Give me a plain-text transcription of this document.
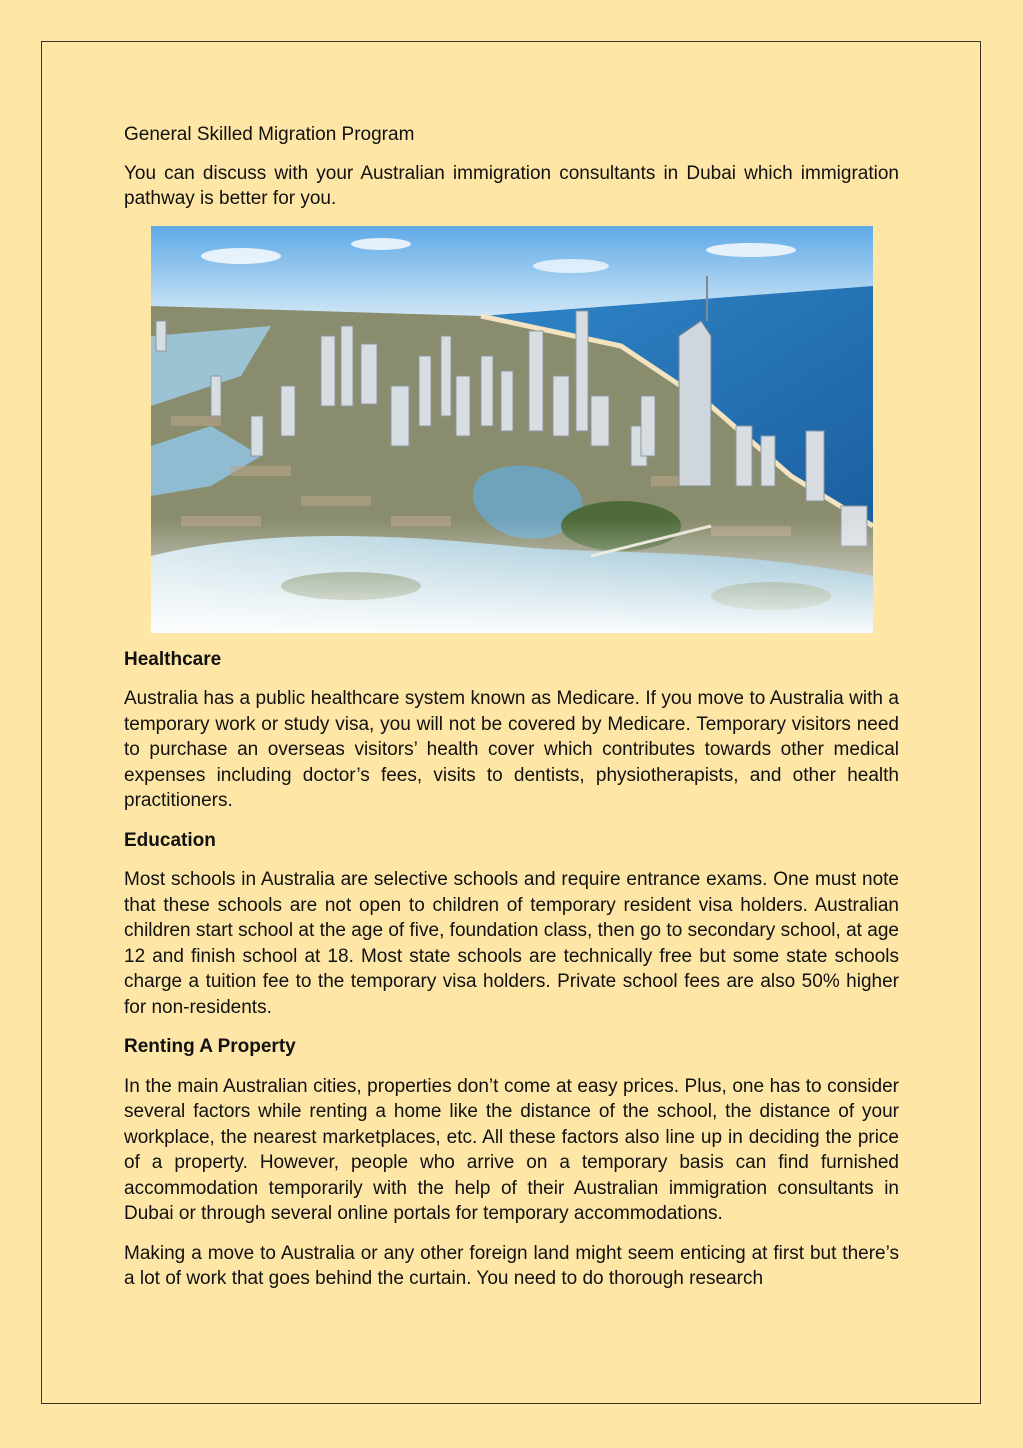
General Skilled Migration Program

You can discuss with your Australian immigration consultants in Dubai which immigration pathway is better for you.

Healthcare

Australia has a public healthcare system known as Medicare. If you move to Australia with a temporary work or study visa, you will not be covered by Medicare. Temporary visitors need to purchase an overseas visitors’ health cover which contributes towards other medical expenses including doctor’s fees, visits to dentists, physiotherapists, and other health practitioners.

Education

Most schools in Australia are selective schools and require entrance exams. One must note that these schools are not open to children of temporary resident visa holders. Australian children start school at the age of five, foundation class, then go to secondary school, at age 12 and finish school at 18. Most state schools are technically free but some state schools charge a tuition fee to the temporary visa holders. Private school fees are also 50% higher for non-residents.

Renting A Property

In the main Australian cities, properties don’t come at easy prices. Plus, one has to consider several factors while renting a home like the distance of the school, the distance of your workplace, the nearest marketplaces, etc. All these factors also line up in deciding the price of a property. However, people who arrive on a temporary basis can find furnished accommodation temporarily with the help of their Australian immigration consultants in Dubai or through several online portals for temporary accommodations.

Making a move to Australia or any other foreign land might seem enticing at first but there’s a lot of work that goes behind the curtain. You need to do thorough research
